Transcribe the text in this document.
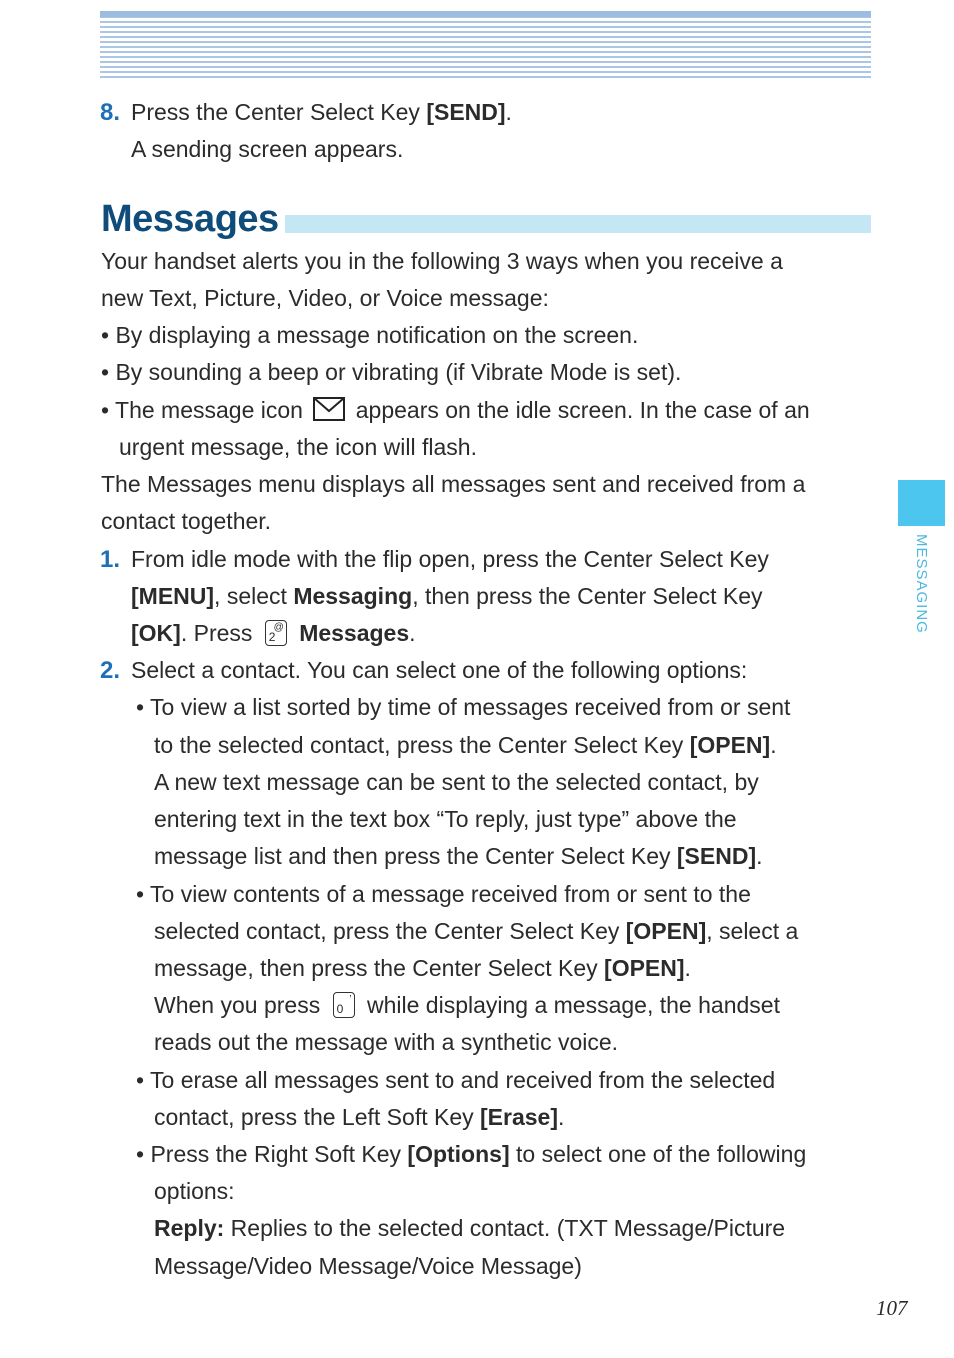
8. Press the Center Select Key [SEND].
A sending screen appears.
Messages
Your handset alerts you in the following 3 ways when you receive a
new Text, Picture, Video, or Voice message:
• By displaying a message notification on the screen.
• By sounding a beep or vibrating (if Vibrate Mode is set).
• The message icon appears on the idle screen. In the case of an
urgent message, the icon will flash.
The Messages menu displays all messages sent and received from a
contact together.
1. From idle mode with the flip open, press the Center Select Key
[MENU], select Messaging, then press the Center Select Key
[OK]. Press 2
@ Messages.
2. Select a contact. You can select one of the following options:
• To view a list sorted by time of messages received from or sent
to the selected contact, press the Center Select Key [OPEN].
A new text message can be sent to the selected contact, by
entering text in the text box “To reply, just type” above the
message list and then press the Center Select Key [SEND].
• To view contents of a message received from or sent to the
selected contact, press the Center Select Key [OPEN], select a
message, then press the Center Select Key [OPEN].
When you press 0
’ while displaying a message, the handset
reads out the message with a synthetic voice.
• To erase all messages sent to and received from the selected
contact, press the Left Soft Key [Erase].
• Press the Right Soft Key [Options] to select one of the following
options:
Reply: Replies to the selected contact. (TXT Message/Picture
Message/Video Message/Voice Message)
MESSAGING
107
